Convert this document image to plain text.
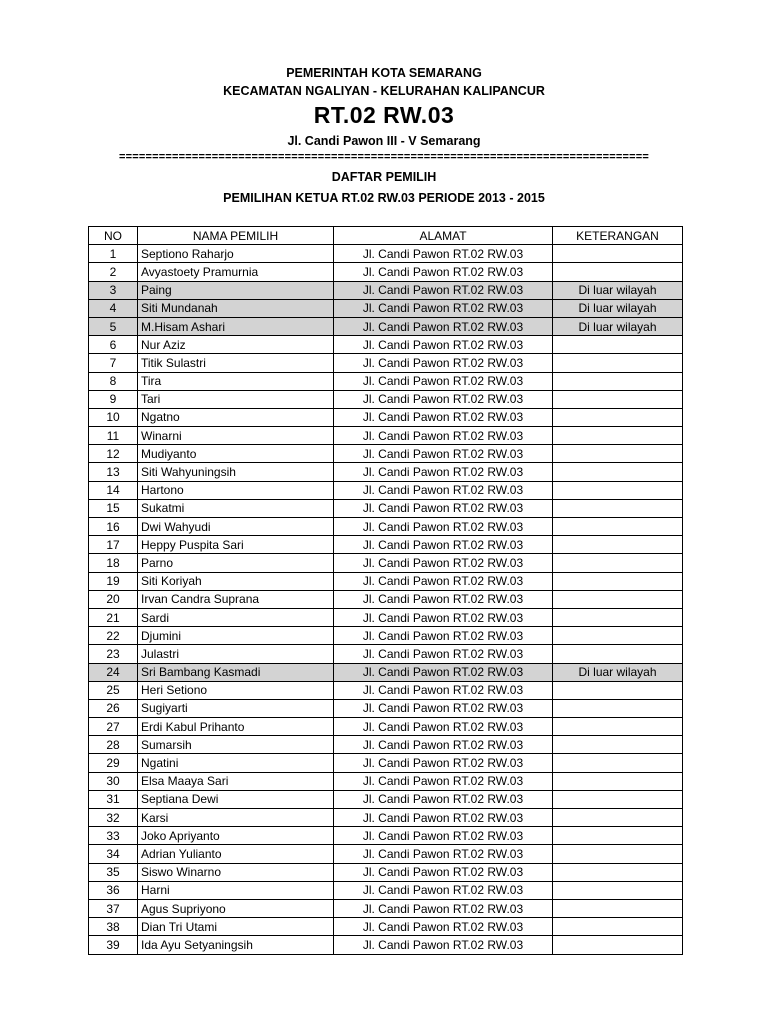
PEMERINTAH KOTA SEMARANG
KECAMATAN NGALIYAN - KELURAHAN KALIPANCUR
RT.02 RW.03
Jl. Candi Pawon III - V Semarang
================================================================================
DAFTAR PEMILIH
PEMILIHAN KETUA RT.02 RW.03 PERIODE 2013 - 2015
NO	NAMA PEMILIH	ALAMAT	KETERANGAN
1	Septiono Raharjo	Jl. Candi Pawon RT.02 RW.03	
2	Avyastoety Pramurnia	Jl. Candi Pawon RT.02 RW.03	
3	Paing	Jl. Candi Pawon RT.02 RW.03	Di luar wilayah
4	Siti Mundanah	Jl. Candi Pawon RT.02 RW.03	Di luar wilayah
5	M.Hisam Ashari	Jl. Candi Pawon RT.02 RW.03	Di luar wilayah
6	Nur Aziz	Jl. Candi Pawon RT.02 RW.03	
7	Titik Sulastri	Jl. Candi Pawon RT.02 RW.03	
8	Tira	Jl. Candi Pawon RT.02 RW.03	
9	Tari	Jl. Candi Pawon RT.02 RW.03	
10	Ngatno	Jl. Candi Pawon RT.02 RW.03	
11	Winarni	Jl. Candi Pawon RT.02 RW.03	
12	Mudiyanto	Jl. Candi Pawon RT.02 RW.03	
13	Siti Wahyuningsih	Jl. Candi Pawon RT.02 RW.03	
14	Hartono	Jl. Candi Pawon RT.02 RW.03	
15	Sukatmi	Jl. Candi Pawon RT.02 RW.03	
16	Dwi Wahyudi	Jl. Candi Pawon RT.02 RW.03	
17	Heppy Puspita Sari	Jl. Candi Pawon RT.02 RW.03	
18	Parno	Jl. Candi Pawon RT.02 RW.03	
19	Siti Koriyah	Jl. Candi Pawon RT.02 RW.03	
20	Irvan Candra Suprana	Jl. Candi Pawon RT.02 RW.03	
21	Sardi	Jl. Candi Pawon RT.02 RW.03	
22	Djumini	Jl. Candi Pawon RT.02 RW.03	
23	Julastri	Jl. Candi Pawon RT.02 RW.03	
24	Sri Bambang Kasmadi	Jl. Candi Pawon RT.02 RW.03	Di luar wilayah
25	Heri Setiono	Jl. Candi Pawon RT.02 RW.03	
26	Sugiyarti	Jl. Candi Pawon RT.02 RW.03	
27	Erdi Kabul Prihanto	Jl. Candi Pawon RT.02 RW.03	
28	Sumarsih	Jl. Candi Pawon RT.02 RW.03	
29	Ngatini	Jl. Candi Pawon RT.02 RW.03	
30	Elsa Maaya Sari	Jl. Candi Pawon RT.02 RW.03	
31	Septiana Dewi	Jl. Candi Pawon RT.02 RW.03	
32	Karsi	Jl. Candi Pawon RT.02 RW.03	
33	Joko Apriyanto	Jl. Candi Pawon RT.02 RW.03	
34	Adrian Yulianto	Jl. Candi Pawon RT.02 RW.03	
35	Siswo Winarno	Jl. Candi Pawon RT.02 RW.03	
36	Harni	Jl. Candi Pawon RT.02 RW.03	
37	Agus Supriyono	Jl. Candi Pawon RT.02 RW.03	
38	Dian Tri Utami	Jl. Candi Pawon RT.02 RW.03	
39	Ida Ayu Setyaningsih	Jl. Candi Pawon RT.02 RW.03	
